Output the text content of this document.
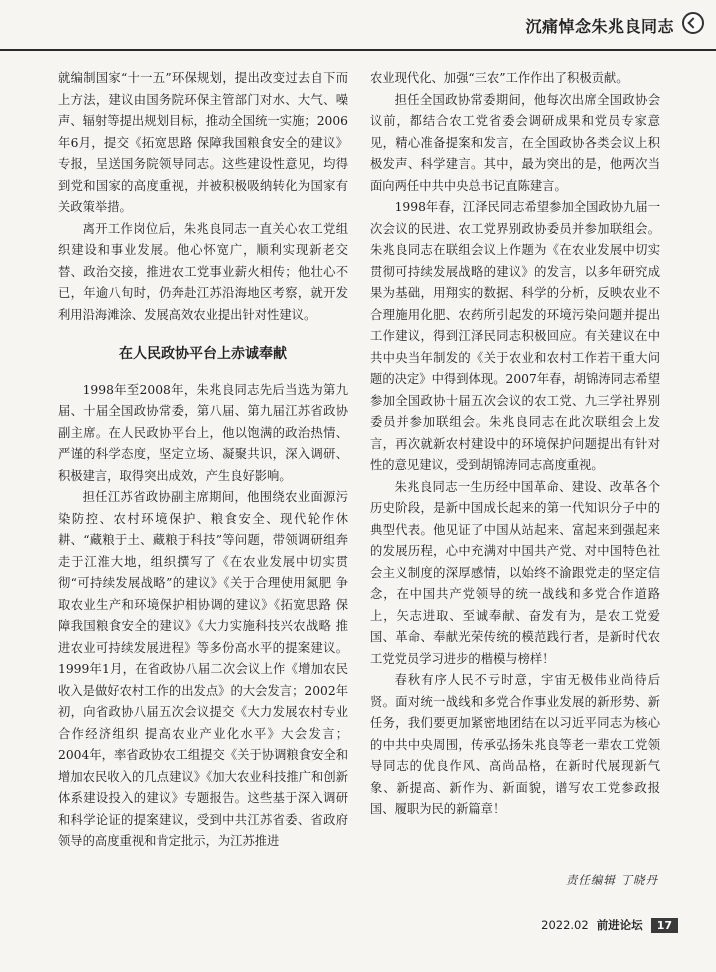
沉痛悼念朱兆良同志

就编制国家“十一五”环保规划，提出改变过去自下而上方法，建议由国务院环保主管部门对水、大气、噪声、辐射等提出规划目标，推动全国统一实施；2006年6月，提交《拓宽思路 保障我国粮食安全的建议》专报，呈送国务院领导同志。这些建设性意见，均得到党和国家的高度重视，并被积极吸纳转化为国家有关政策举措。

离开工作岗位后，朱兆良同志一直关心农工党组织建设和事业发展。他心怀宽广，顺利实现新老交替、政治交接，推进农工党事业薪火相传；他壮心不已，年逾八旬时，仍奔赴江苏沿海地区考察，就开发利用沿海滩涂、发展高效农业提出针对性建议。

在人民政协平台上赤诚奉献

1998年至2008年，朱兆良同志先后当选为第九届、十届全国政协常委，第八届、第九届江苏省政协副主席。在人民政协平台上，他以饱满的政治热情、严谨的科学态度，坚定立场、凝聚共识，深入调研、积极建言，取得突出成效，产生良好影响。

担任江苏省政协副主席期间，他围绕农业面源污染防控、农村环境保护、粮食安全、现代轮作休耕、“藏粮于土、藏粮于科技”等问题，带领调研组奔走于江淮大地，组织撰写了《在农业发展中切实贯彻“可持续发展战略”的建议》《关于合理使用氮肥 争取农业生产和环境保护相协调的建议》《拓宽思路 保障我国粮食安全的建议》《大力实施科技兴农战略 推进农业可持续发展进程》等多份高水平的提案建议。1999年1月，在省政协八届二次会议上作《增加农民收入是做好农村工作的出发点》的大会发言；2002年初，向省政协八届五次会议提交《大力发展农村专业合作经济组织 提高农业产业化水平》大会发言；2004年，率省政协农工组提交《关于协调粮食安全和增加农民收入的几点建议》《加大农业科技推广和创新体系建设投入的建议》专题报告。这些基于深入调研和科学论证的提案建议，受到中共江苏省委、省政府领导的高度重视和肯定批示，为江苏推进

农业现代化、加强“三农”工作作出了积极贡献。

担任全国政协常委期间，他每次出席全国政协会议前，都结合农工党省委会调研成果和党员专家意见，精心准备提案和发言，在全国政协各类会议上积极发声、科学建言。其中，最为突出的是，他两次当面向两任中共中央总书记直陈建言。

1998年春，江泽民同志希望参加全国政协九届一次会议的民进、农工党界别政协委员并参加联组会。朱兆良同志在联组会议上作题为《在农业发展中切实贯彻可持续发展战略的建议》的发言，以多年研究成果为基础，用翔实的数据、科学的分析，反映农业不合理施用化肥、农药所引起发的环境污染问题并提出工作建议，得到江泽民同志积极回应。有关建议在中共中央当年制发的《关于农业和农村工作若干重大问题的决定》中得到体现。2007年春，胡锦涛同志希望参加全国政协十届五次会议的农工党、九三学社界别委员并参加联组会。朱兆良同志在此次联组会上发言，再次就新农村建设中的环境保护问题提出有针对性的意见建议，受到胡锦涛同志高度重视。

朱兆良同志一生历经中国革命、建设、改革各个历史阶段，是新中国成长起来的第一代知识分子中的典型代表。他见证了中国从站起来、富起来到强起来的发展历程，心中充满对中国共产党、对中国特色社会主义制度的深厚感情，以始终不渝跟党走的坚定信念，在中国共产党领导的统一战线和多党合作道路上，矢志进取、至诚奉献、奋发有为，是农工党爱国、革命、奉献光荣传统的模范践行者，是新时代农工党党员学习进步的楷模与榜样！

春秋有序人民不亏时意，宇宙无极伟业尚待后贤。面对统一战线和多党合作事业发展的新形势、新任务，我们要更加紧密地团结在以习近平同志为核心的中共中央周围，传承弘扬朱兆良等老一辈农工党领导同志的优良作风、高尚品格，在新时代展现新气象、新提高、新作为、新面貌，谱写农工党参政报国、履职为民的新篇章！

责任编辑 丁晓丹
2022.02 前进论坛	17
